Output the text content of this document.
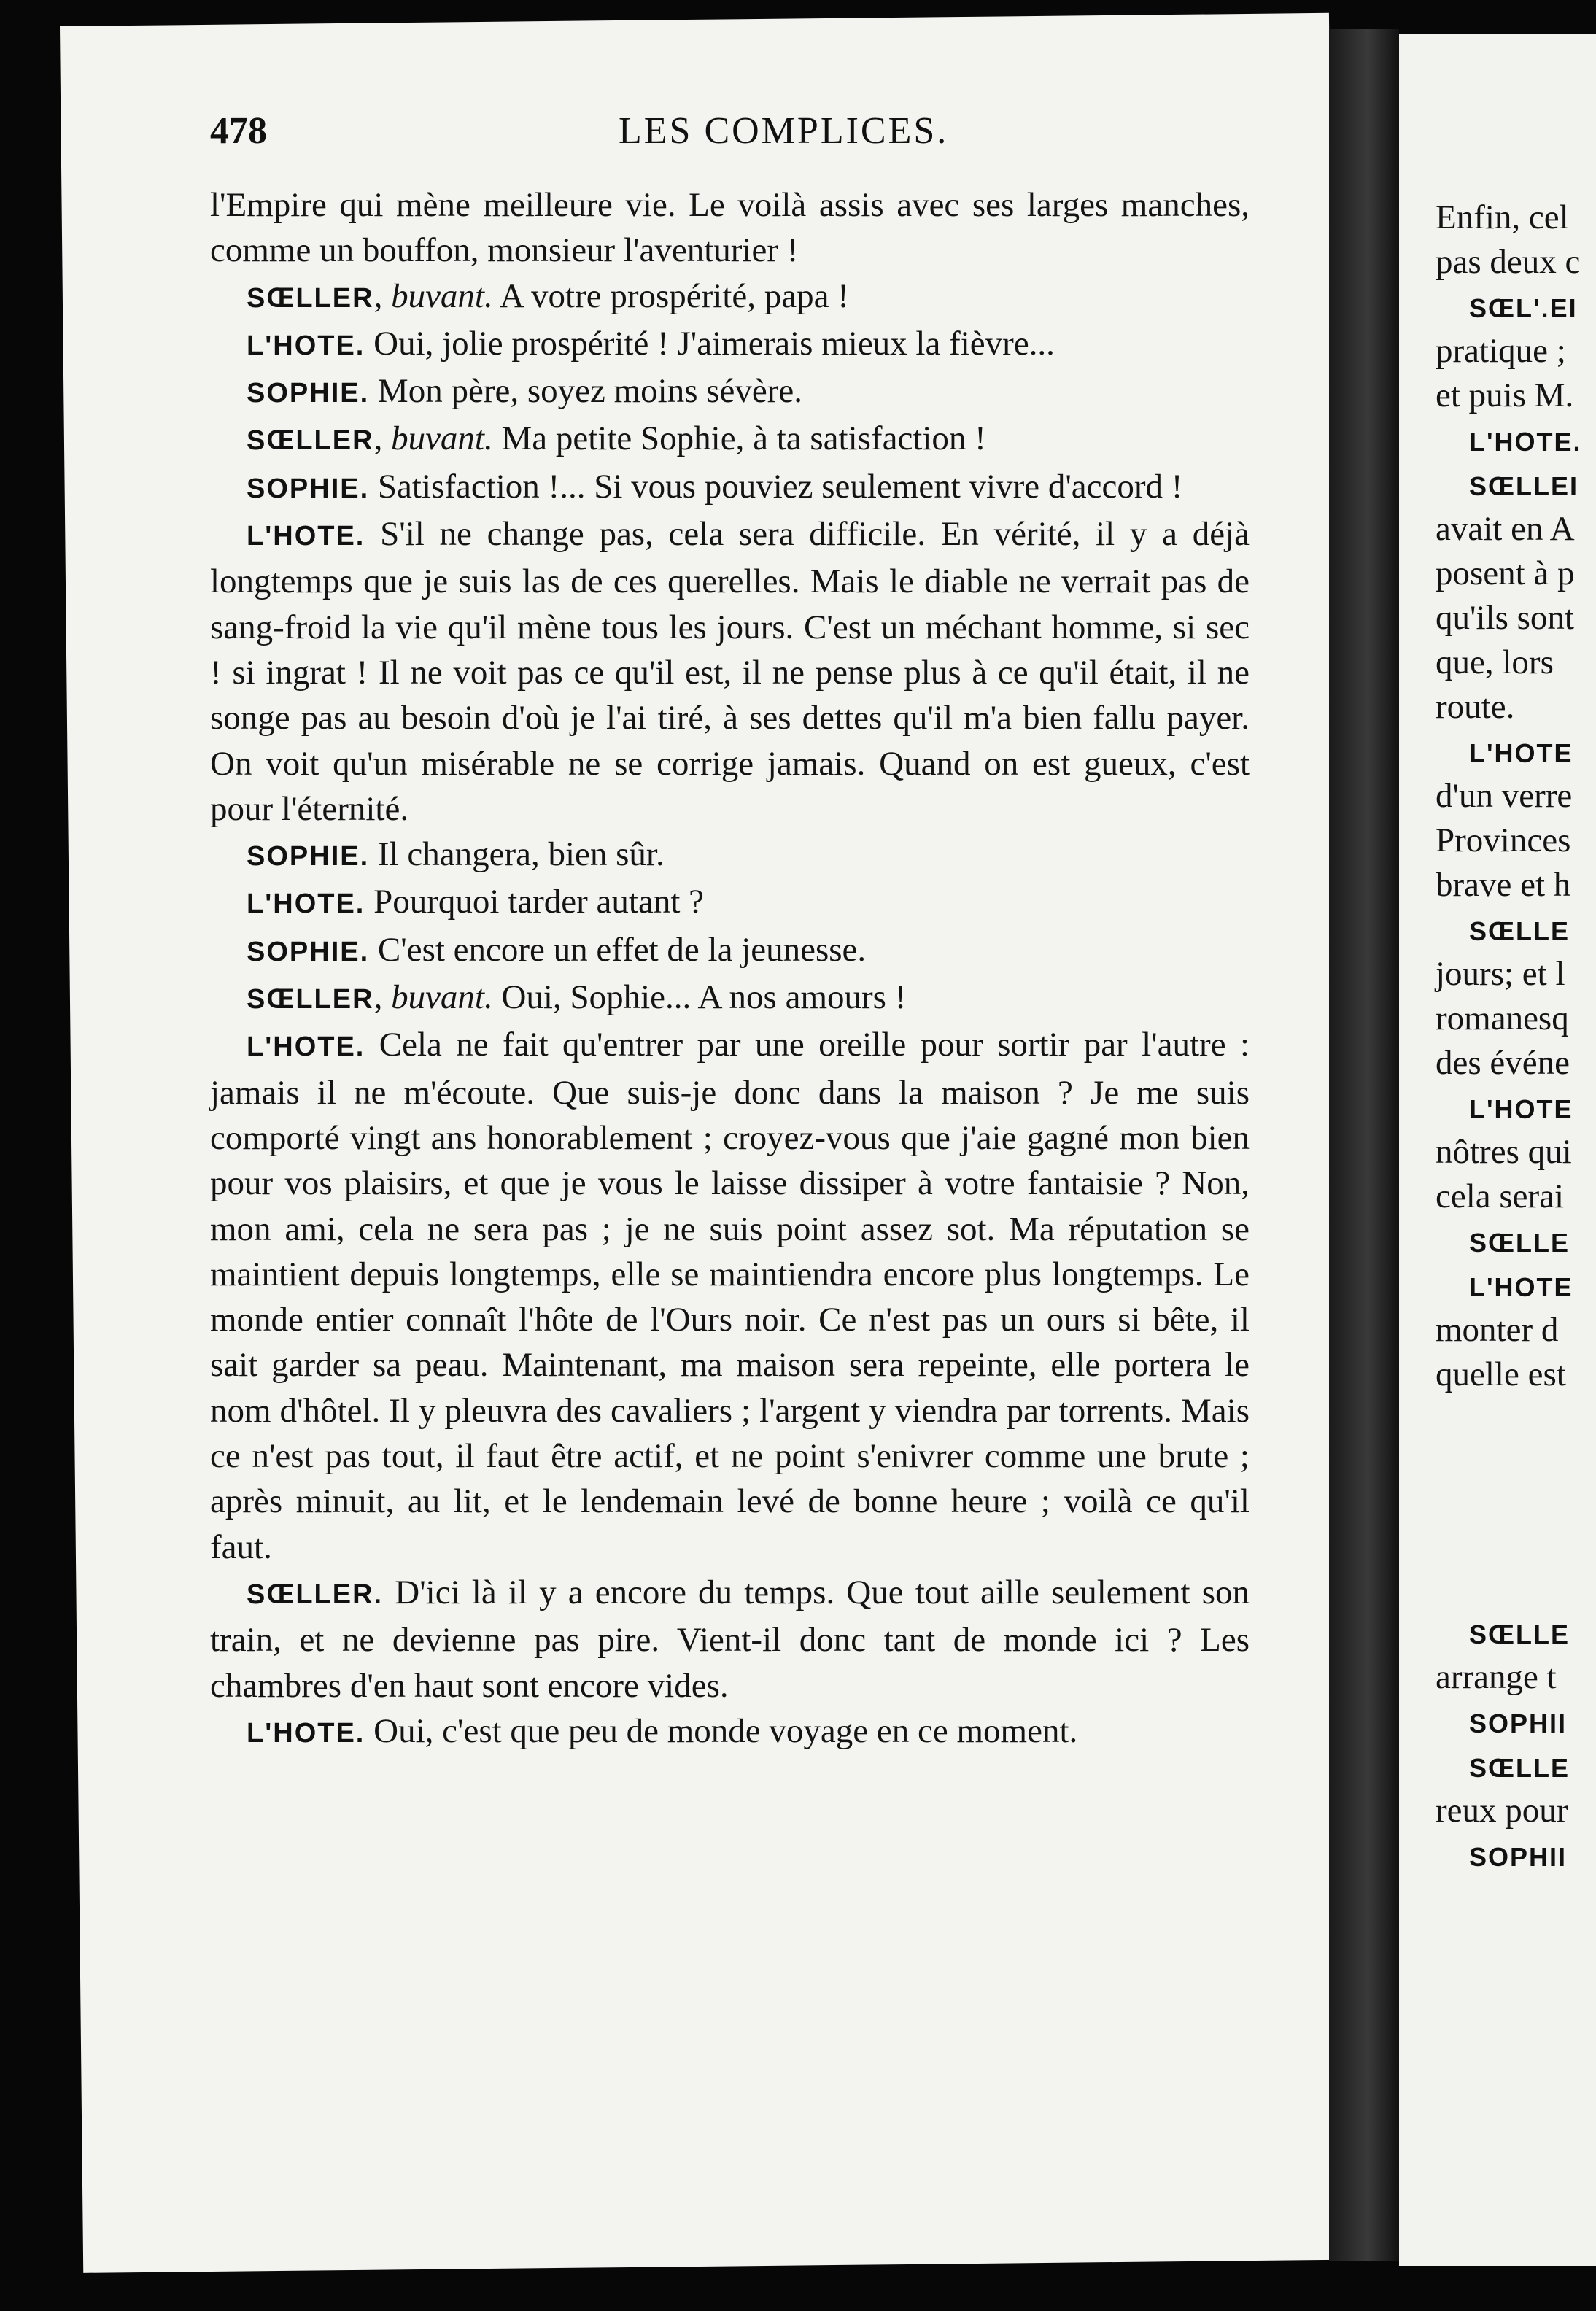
Enfin, cel
pas deux c
SŒL'.EI
pratique ;
et puis M.
L'HOTE.
SŒLLEI
avait en A
posent à p
qu'ils sont
que, lors
route.
L'HOTE
d'un verre
Provinces
brave et h
SŒLLE
jours; et l
romanesq
des événe
L'HOTE
nôtres qui
cela serai
SŒLLE
L'HOTE
monter d
quelle est
SŒLLE
arrange t
SOPHII
SŒLLE
reux pour
SOPHII
478	LES COMPLICES.

l'Empire qui mène meilleure vie. Le voilà assis avec ses larges manches, comme un bouffon, monsieur l'aventurier !

SŒLLER, buvant. A votre prospérité, papa !

L'HOTE. Oui, jolie prospérité ! J'aimerais mieux la fièvre...

SOPHIE. Mon père, soyez moins sévère.

SŒLLER, buvant. Ma petite Sophie, à ta satisfaction !

SOPHIE. Satisfaction !... Si vous pouviez seulement vivre d'accord !

L'HOTE. S'il ne change pas, cela sera difficile. En vérité, il y a déjà longtemps que je suis las de ces querelles. Mais le diable ne verrait pas de sang-froid la vie qu'il mène tous les jours. C'est un méchant homme, si sec ! si ingrat ! Il ne voit pas ce qu'il est, il ne pense plus à ce qu'il était, il ne songe pas au besoin d'où je l'ai tiré, à ses dettes qu'il m'a bien fallu payer. On voit qu'un misérable ne se corrige jamais. Quand on est gueux, c'est pour l'éternité.

SOPHIE. Il changera, bien sûr.

L'HOTE. Pourquoi tarder autant ?

SOPHIE. C'est encore un effet de la jeunesse.

SŒLLER, buvant. Oui, Sophie... A nos amours !

L'HOTE. Cela ne fait qu'entrer par une oreille pour sortir par l'autre : jamais il ne m'écoute. Que suis-je donc dans la maison ? Je me suis comporté vingt ans honorablement ; croyez-vous que j'aie gagné mon bien pour vos plaisirs, et que je vous le laisse dissiper à votre fantaisie ? Non, mon ami, cela ne sera pas ; je ne suis point assez sot. Ma réputation se maintient depuis longtemps, elle se maintiendra encore plus longtemps. Le monde entier connaît l'hôte de l'Ours noir. Ce n'est pas un ours si bête, il sait garder sa peau. Maintenant, ma maison sera repeinte, elle portera le nom d'hôtel. Il y pleuvra des cavaliers ; l'argent y viendra par torrents. Mais ce n'est pas tout, il faut être actif, et ne point s'enivrer comme une brute ; après minuit, au lit, et le lendemain levé de bonne heure ; voilà ce qu'il faut.

SŒLLER. D'ici là il y a encore du temps. Que tout aille seulement son train, et ne devienne pas pire. Vient-il donc tant de monde ici ? Les chambres d'en haut sont encore vides.

L'HOTE. Oui, c'est que peu de monde voyage en ce moment.
